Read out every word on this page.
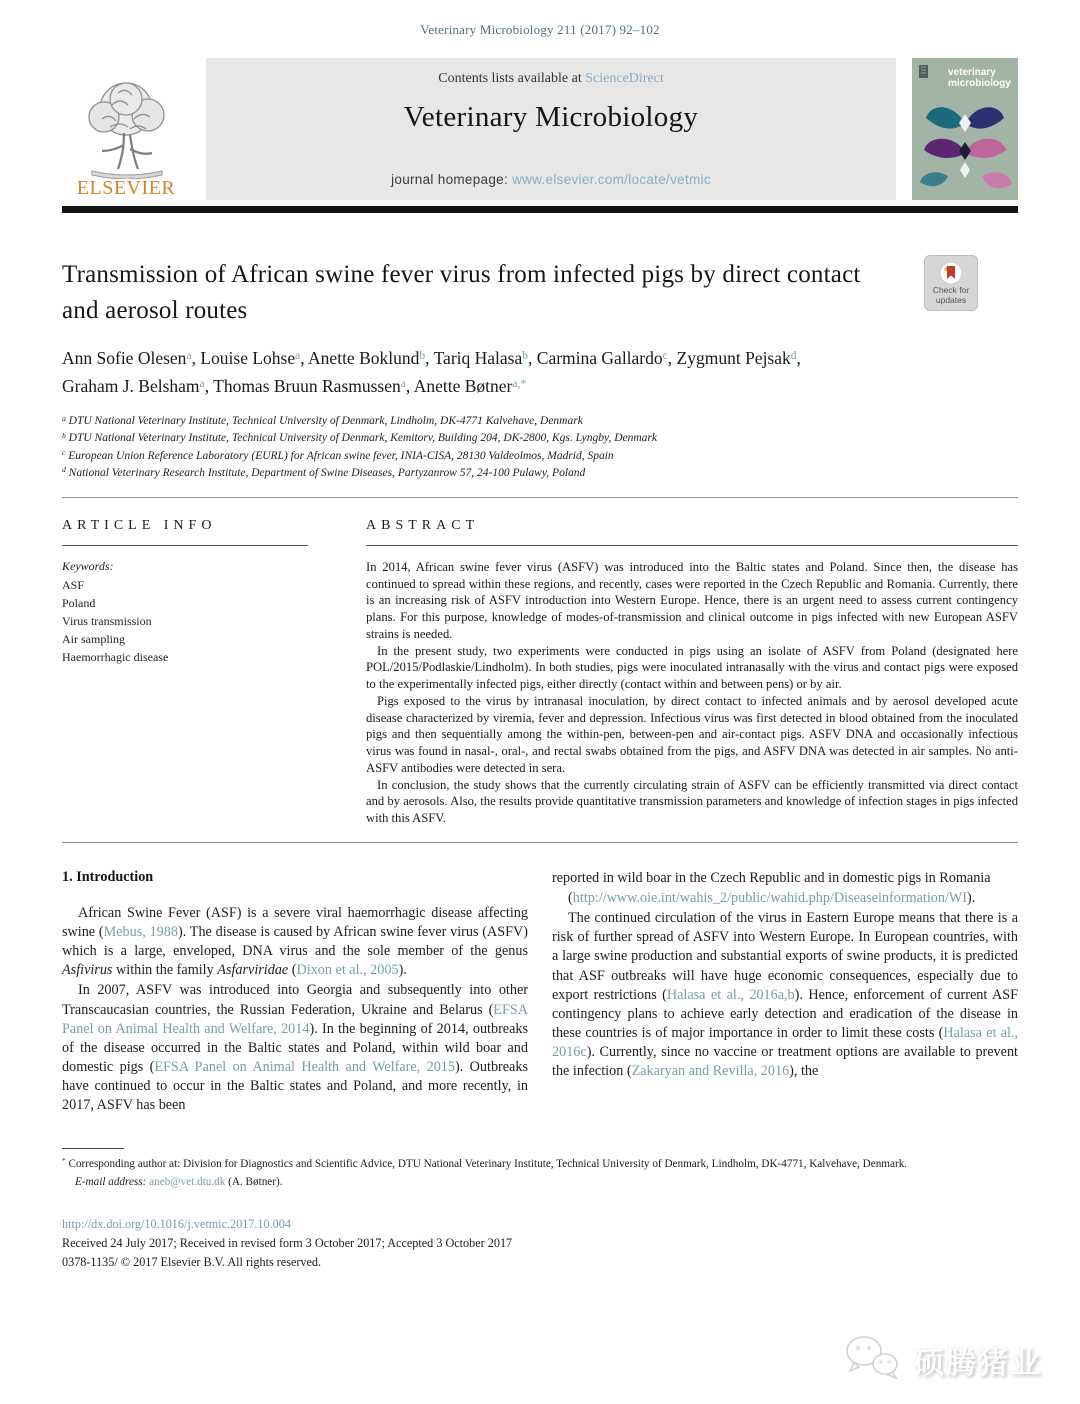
Veterinary Microbiology 211 (2017) 92–102
ELSEVIER
Contents lists available at ScienceDirect
Veterinary Microbiology
journal homepage: www.elsevier.com/locate/vetmic
veterinary
microbiology
Transmission of African swine fever virus from infected pigs by direct contact and aerosol routes
Check for
updates
Ann Sofie Olesen$^a$, Louise Lohse$^a$, Anette Boklund$^b$, Tariq Halasa$^b$, Carmina Gallardo$^c$, Zygmunt Pejsak$^d$, Graham J. Belsham$^a$, Thomas Bruun Rasmussen$^a$, Anette Bøtner$^{a,*}$
$^a$ DTU National Veterinary Institute, Technical University of Denmark, Lindholm, DK-4771 Kalvehave, Denmark
$^b$ DTU National Veterinary Institute, Technical University of Denmark, Kemitorv, Building 204, DK-2800, Kgs. Lyngby, Denmark
$^c$ European Union Reference Laboratory (EURL) for African swine fever, INIA-CISA, 28130 Valdeolmos, Madrid, Spain
$^d$ National Veterinary Research Institute, Department of Swine Diseases, Partyzanrow 57, 24-100 Pulawy, Poland
ARTICLE INFO
Keywords:
ASF
Poland
Virus transmission
Air sampling
Haemorrhagic disease
ABSTRACT

In 2014, African swine fever virus (ASFV) was introduced into the Baltic states and Poland. Since then, the disease has continued to spread within these regions, and recently, cases were reported in the Czech Republic and Romania. Currently, there is an increasing risk of ASFV introduction into Western Europe. Hence, there is an urgent need to assess current contingency plans. For this purpose, knowledge of modes-of-transmission and clinical outcome in pigs infected with new European ASFV strains is needed.

In the present study, two experiments were conducted in pigs using an isolate of ASFV from Poland (designated here POL/2015/Podlaskie/Lindholm). In both studies, pigs were inoculated intranasally with the virus and contact pigs were exposed to the experimentally infected pigs, either directly (contact within and between pens) or by air.

Pigs exposed to the virus by intranasal inoculation, by direct contact to infected animals and by aerosol developed acute disease characterized by viremia, fever and depression. Infectious virus was first detected in blood obtained from the inoculated pigs and then sequentially among the within-pen, between-pen and air-contact pigs. ASFV DNA and occasionally infectious virus was found in nasal-, oral-, and rectal swabs obtained from the pigs, and ASFV DNA was detected in air samples. No anti-ASFV antibodies were detected in sera.

In conclusion, the study shows that the currently circulating strain of ASFV can be efficiently transmitted via direct contact and by aerosols. Also, the results provide quantitative transmission parameters and knowledge of infection stages in pigs infected with this ASFV.

1. Introduction

African Swine Fever (ASF) is a severe viral haemorrhagic disease affecting swine (Mebus, 1988). The disease is caused by African swine fever virus (ASFV) which is a large, enveloped, DNA virus and the sole member of the genus Asfivirus within the family Asfarviridae (Dixon et al., 2005).

In 2007, ASFV was introduced into Georgia and subsequently into other Transcaucasian countries, the Russian Federation, Ukraine and Belarus (EFSA Panel on Animal Health and Welfare, 2014). In the beginning of 2014, outbreaks of the disease occurred in the Baltic states and Poland, within wild boar and domestic pigs (EFSA Panel on Animal Health and Welfare, 2015). Outbreaks have continued to occur in the Baltic states and Poland, and more recently, in 2017, ASFV has been

reported in wild boar in the Czech Republic and in domestic pigs in Romania

(http://www.oie.int/wahis_2/public/wahid.php/Diseaseinformation/WI).

The continued circulation of the virus in Eastern Europe means that there is a risk of further spread of ASFV into Western Europe. In European countries, with a large swine production and substantial exports of swine products, it is predicted that ASF outbreaks will have huge economic consequences, especially due to export restrictions (Halasa et al., 2016a,b). Hence, enforcement of current ASF contingency plans to achieve early detection and eradication of the disease in these countries is of major importance in order to limit these costs (Halasa et al., 2016c). Currently, since no vaccine or treatment options are available to prevent the infection (Zakaryan and Revilla, 2016), the

* Corresponding author at: Division for Diagnostics and Scientific Advice, DTU National Veterinary Institute, Technical University of Denmark, Lindholm, DK-4771, Kalvehave, Denmark.
E-mail address: aneb@vet.dtu.dk (A. Bøtner).
http://dx.doi.org/10.1016/j.vetmic.2017.10.004
Received 24 July 2017; Received in revised form 3 October 2017; Accepted 3 October 2017
0378-1135/ © 2017 Elsevier B.V. All rights reserved.
硕腾猪业
